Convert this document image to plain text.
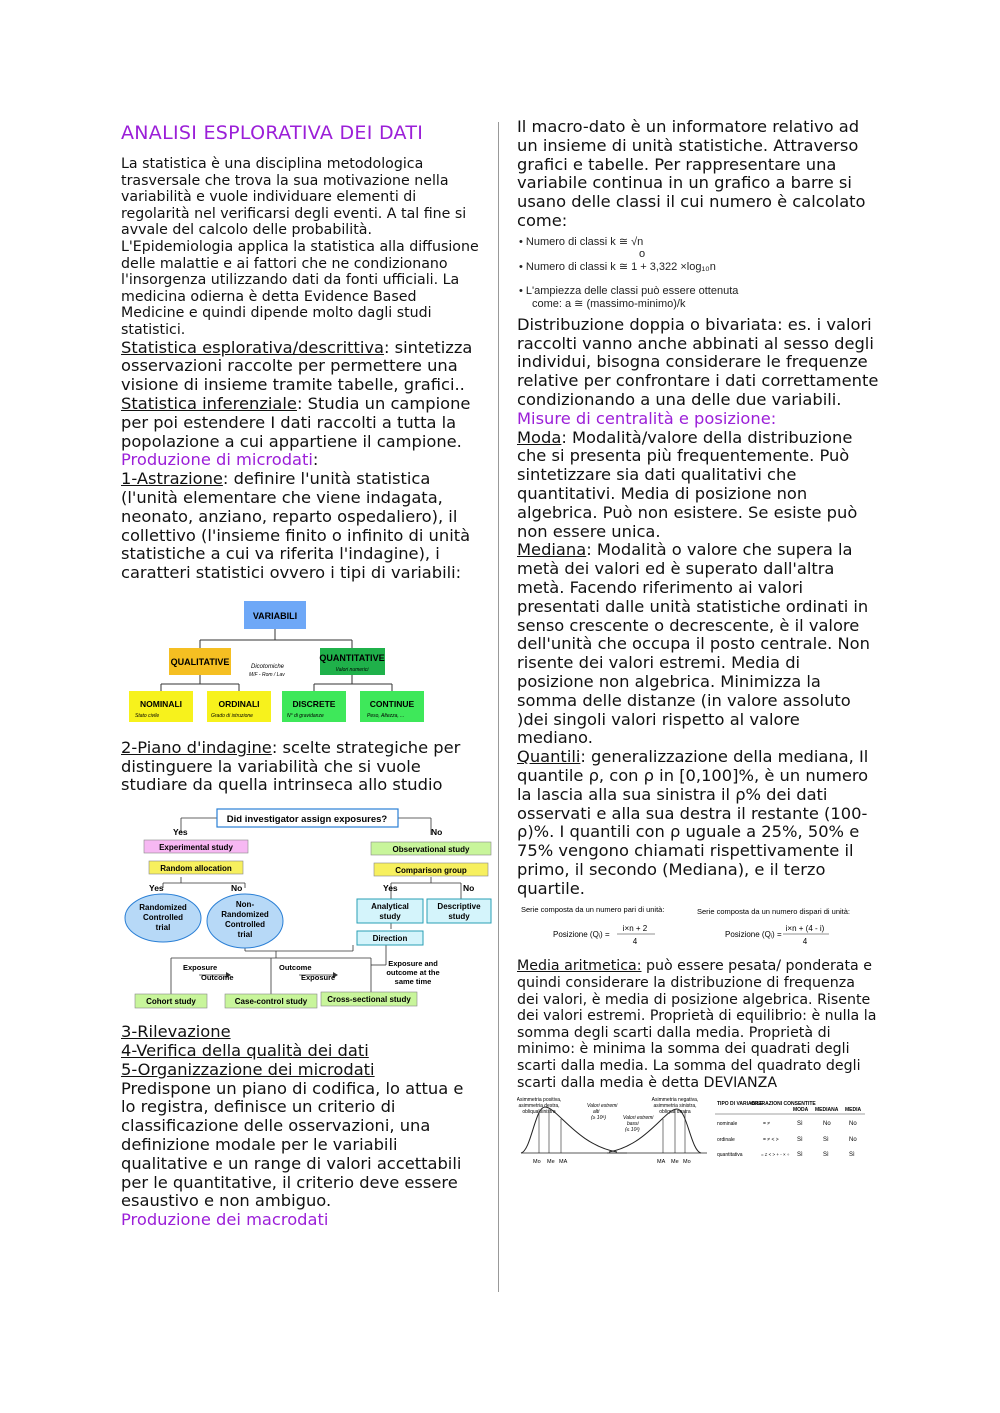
ANALISI ESPLORATIVA DEI DATI

La statistica è una disciplina metodologica trasversale che trova la sua motivazione nella variabilità e vuole individuare elementi di regolarità nel verificarsi degli eventi. A tal fine si avvale del calcolo delle probabilità. L'Epidemiologia applica la statistica alla diffusione delle malattie e ai fattori che ne condizionano l'insorgenza utilizzando dati da fonti ufficiali. La medicina odierna è detta Evidence Based Medicine e quindi dipende molto dagli studi statistici.

Statistica esplorativa/descrittiva: sintetizza osservazioni raccolte per permettere una visione di insieme tramite tabelle, grafici..

Statistica inferenziale: Studia un campione per poi estendere I dati raccolti a tutta la popolazione a cui appartiene il campione.

Produzione di microdati:

1-Astrazione: definire l'unità statistica (l'unità elementare che viene indagata, neonato, anziano, reparto ospedaliero), il collettivo (l'insieme finito o infinito di unità statistiche a cui va riferita l'indagine), i caratteri statistici ovvero i tipi di variabili:

VARIABILI
QUALITATIVE	QUANTITATIVE
Valori numerici
Dicotomiche
M/F - Rom / Lav
NOMINALI
Stato civile
ORDINALI
Grado di istruzione
DISCRETE
N° di gravidanze
CONTINUE
Peso, Altezza, ...

2-Piano d'indagine: scelte strategiche per distinguere la variabilità che si vuole studiare da quella intrinseca allo studio

Did investigator assign exposures?
Yes	No
Experimental study	Observational study
Random allocation	Comparison group
Yes	No	Yes	No
Randomized
Controlled
trial
Non-
Randomized
Controlled
trial
Analytical
study
Descriptive
study
Direction
Exposure
Outcome
Outcome
Exposure
Exposure and
outcome at the
same time
Cohort study	Case-control study Cross-sectional study

3-Rilevazione

4-Verifica della qualità dei dati

5-Organizzazione dei microdati

Predispone un piano di codifica, lo attua e lo registra, definisce un criterio di classificazione delle osservazioni, una definizione modale per le variabili qualitative e un range di valori accettabili per le quantitative, il criterio deve essere esaustivo e non ambiguo.

Produzione dei macrodati

Il macro-dato è un informatore relativo ad un insieme di unità statistiche. Attraverso grafici e tabelle. Per rappresentare una variabile continua in un grafico a barre si usano delle classi il cui numero è calcolato come:

• Numero di classi k ≅ √n
o
• Numero di classi k ≅ 1 + 3,322 ×log₁₀n
• L'ampiezza delle classi può essere ottenuta
come: a ≅ (massimo-minimo)/k

Distribuzione doppia o bivariata: es. i valori raccolti vanno anche abbinati al sesso degli individui, bisogna considerare le frequenze relative per confrontare i dati correttamente condizionando a una delle due variabili.

Misure di centralità e posizione:

Moda: Modalità/valore della distribuzione che si presenta più frequentemente. Può sintetizzare sia dati qualitativi che quantitativi. Media di posizione non algebrica. Può non esistere. Se esiste può non essere unica.

Mediana: Modalità o valore che supera la metà dei valori ed è superato dall'altra metà. Facendo riferimento ai valori presentati dalle unità statistiche ordinati in senso crescente o decrescente, è il valore dell'unità che occupa il posto centrale. Non risente dei valori estremi. Media di posizione non algebrica. Minimizza la somma delle distanze (in valore assoluto )dei singoli valori rispetto al valore mediano.

Quantili: generalizzazione della mediana, Il quantile ρ, con ρ in [0,100]%, è un numero la lascia alla sua sinistra il ρ% dei dati osservati e alla sua destra il restante (100-ρ)%. I quantili con ρ uguale a 25%, 50% e 75% vengono chiamati rispettivamente il primo, il secondo (Mediana), e il terzo quartile.

Serie composta da un numero pari di unità:	Serie composta da un numero dispari di unità:
Posizione (Qᵢ) =
i×n + 2
4
Posizione (Qᵢ) =
i×n + (4 - i)
4

Media aritmetica: può essere pesata/ ponderata e quindi considerare la distribuzione di frequenza dei valori, è media di posizione algebrica. Risente dei valori estremi. Proprietà di equilibrio: è nulla la somma degli scarti dalla media. Proprietà di minimo: è minima la somma dei quadrati degli scarti dalla media. La somma del quadrato degli scarti dalla media è detta DEVIANZA

Asimmetria positiva,
asimmetria destra,
obliqua sinistra
Valori estremi
alti
(≥ 10⁶)
Mo Me MA
Asimmetria negativa,
asimmetria sinistra,
obliqua destra
Valori estremi
bassi
(≤ 10²)
MA Me Mo
TIPO DI VARIABILE
OPERAZIONI CONSENTITE
MODA MEDIANA MEDIA
nominale	= ≠	Sì	No	No
ordinale	= ≠ < >	Sì	Sì	No
quantitativa	= ≠ < > + - × ÷ Sì	Sì	Sì
